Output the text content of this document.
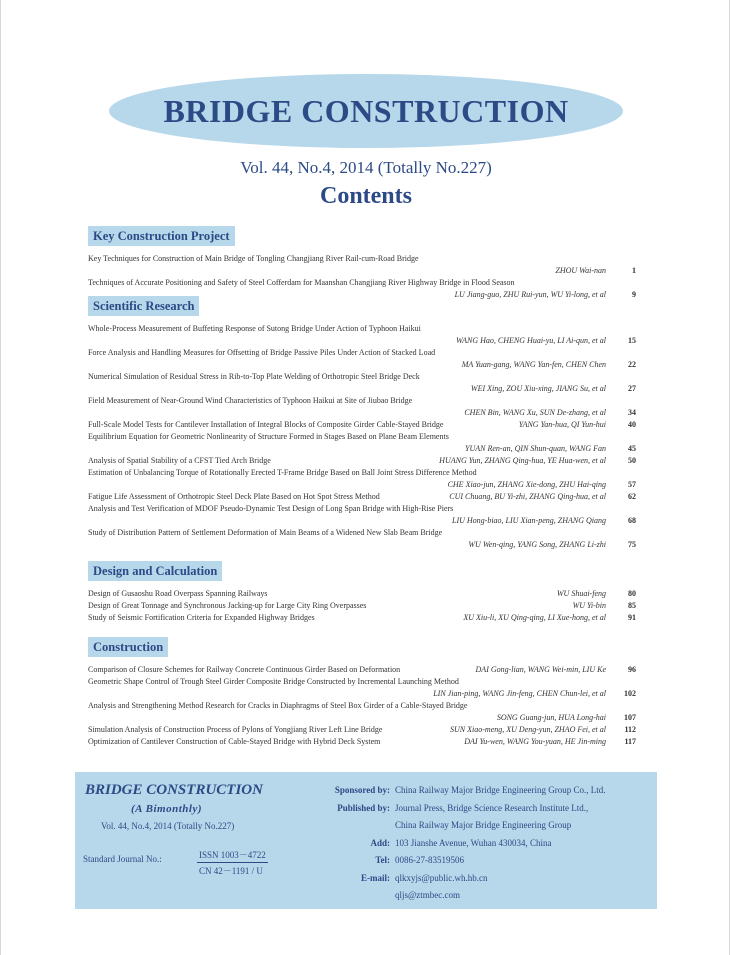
BRIDGE CONSTRUCTION
Vol. 44, No.4, 2014 (Totally No.227)
Contents
Key Construction Project
Key Techniques for Construction of Main Bridge of Tongling Changjiang River Rail-cum-Road Bridge
ZHOU Wai-nan	1
Techniques of Accurate Positioning and Safety of Steel Cofferdam for Maanshan Changjiang River Highway Bridge in Flood Season
LU Jiang-guo, ZHU Rui-yun, WU Yi-long, et al	9
Scientific Research
Whole-Process Measurement of Buffeting Response of Sutong Bridge Under Action of Typhoon Haikui
WANG Hao, CHENG Huai-yu, LI Ai-qun, et al	15
Force Analysis and Handling Measures for Offsetting of Bridge Passive Piles Under Action of Stacked Load
MA Yuan-gang, WANG Yan-fen, CHEN Chen	22
Numerical Simulation of Residual Stress in Rib-to-Top Plate Welding of Orthotropic Steel Bridge Deck
WEI Xing, ZOU Xiu-xing, JIANG Su, et al	27
Field Measurement of Near-Ground Wind Characteristics of Typhoon Haikui at Site of Jiubao Bridge
CHEN Bin, WANG Xu, SUN De-zhang, et al	34
Full-Scale Model Tests for Cantilever Installation of Integral Blocks of Composite Girder Cable-Stayed Bridge	YANG Yan-hua, QI Yun-hui	40
Equilibrium Equation for Geometric Nonlinearity of Structure Formed in Stages Based on Plane Beam Elements
YUAN Ren-an, QIN Shun-quan, WANG Fan	45
Analysis of Spatial Stability of a CFST Tied Arch Bridge	HUANG Yun, ZHANG Qing-hua, YE Hua-wen, et al	50
Estimation of Unbalancing Torque of Rotationally Erected T-Frame Bridge Based on Ball Joint Stress Difference Method
CHE Xiao-jun, ZHANG Xie-dong, ZHU Hai-qing	57
Fatigue Life Assessment of Orthotropic Steel Deck Plate Based on Hot Spot Stress Method	CUI Chuang, BU Yi-zhi, ZHANG Qing-hua, et al	62
Analysis and Test Verification of MDOF Pseudo-Dynamic Test Design of Long Span Bridge with High-Rise Piers
LIU Hong-biao, LIU Xian-peng, ZHANG Qiang	68
Study of Distribution Pattern of Settlement Deformation of Main Beams of a Widened New Slab Beam Bridge
WU Wen-qing, YANG Song, ZHANG Li-zhi	75
Design and Calculation
Design of Gusaoshu Road Overpass Spanning Railways	WU Shuai-feng	80
Design of Great Tonnage and Synchronous Jacking-up for Large City Ring Overpasses	WU Yi-bin	85
Study of Seismic Fortification Criteria for Expanded Highway Bridges	XU Xiu-li, XU Qing-qing, LI Xue-hong, et al	91
Construction
Comparison of Closure Schemes for Railway Concrete Continuous Girder Based on Deformation	DAI Gong-lian, WANG Wei-min, LIU Ke	96
Geometric Shape Control of Trough Steel Girder Composite Bridge Constructed by Incremental Launching Method
LIN Jian-ping, WANG Jin-feng, CHEN Chun-lei, et al	102
Analysis and Strengthening Method Research for Cracks in Diaphragms of Steel Box Girder of a Cable-Stayed Bridge
SONG Guang-jun, HUA Long-hai	107
Simulation Analysis of Construction Process of Pylons of Yongjiang River Left Line Bridge	SUN Xiao-meng, XU Deng-yun, ZHAO Fei, et al	112
Optimization of Cantilever Construction of Cable-Stayed Bridge with Hybrid Deck System	DAI Yu-wen, WANG You-yuan, HE Jin-ming	117
BRIDGE CONSTRUCTION
(A Bimonthly)
Vol. 44, No.4, 2014 (Totally No.227)
Standard Journal No.:	ISSN 1003－4722
CN 42－1191 / U
Sponsored by: China Railway Major Bridge Engineering Group Co., Ltd.
Published by: Journal Press, Bridge Science Research Institute Ltd.,
China Railway Major Bridge Engineering Group
Add: 103 Jianshe Avenue, Wuhan 430034, China
Tel: 0086-27-83519506
E-mail: qlkxyjs@public.wh.hb.cn
qljs@ztmbec.com
